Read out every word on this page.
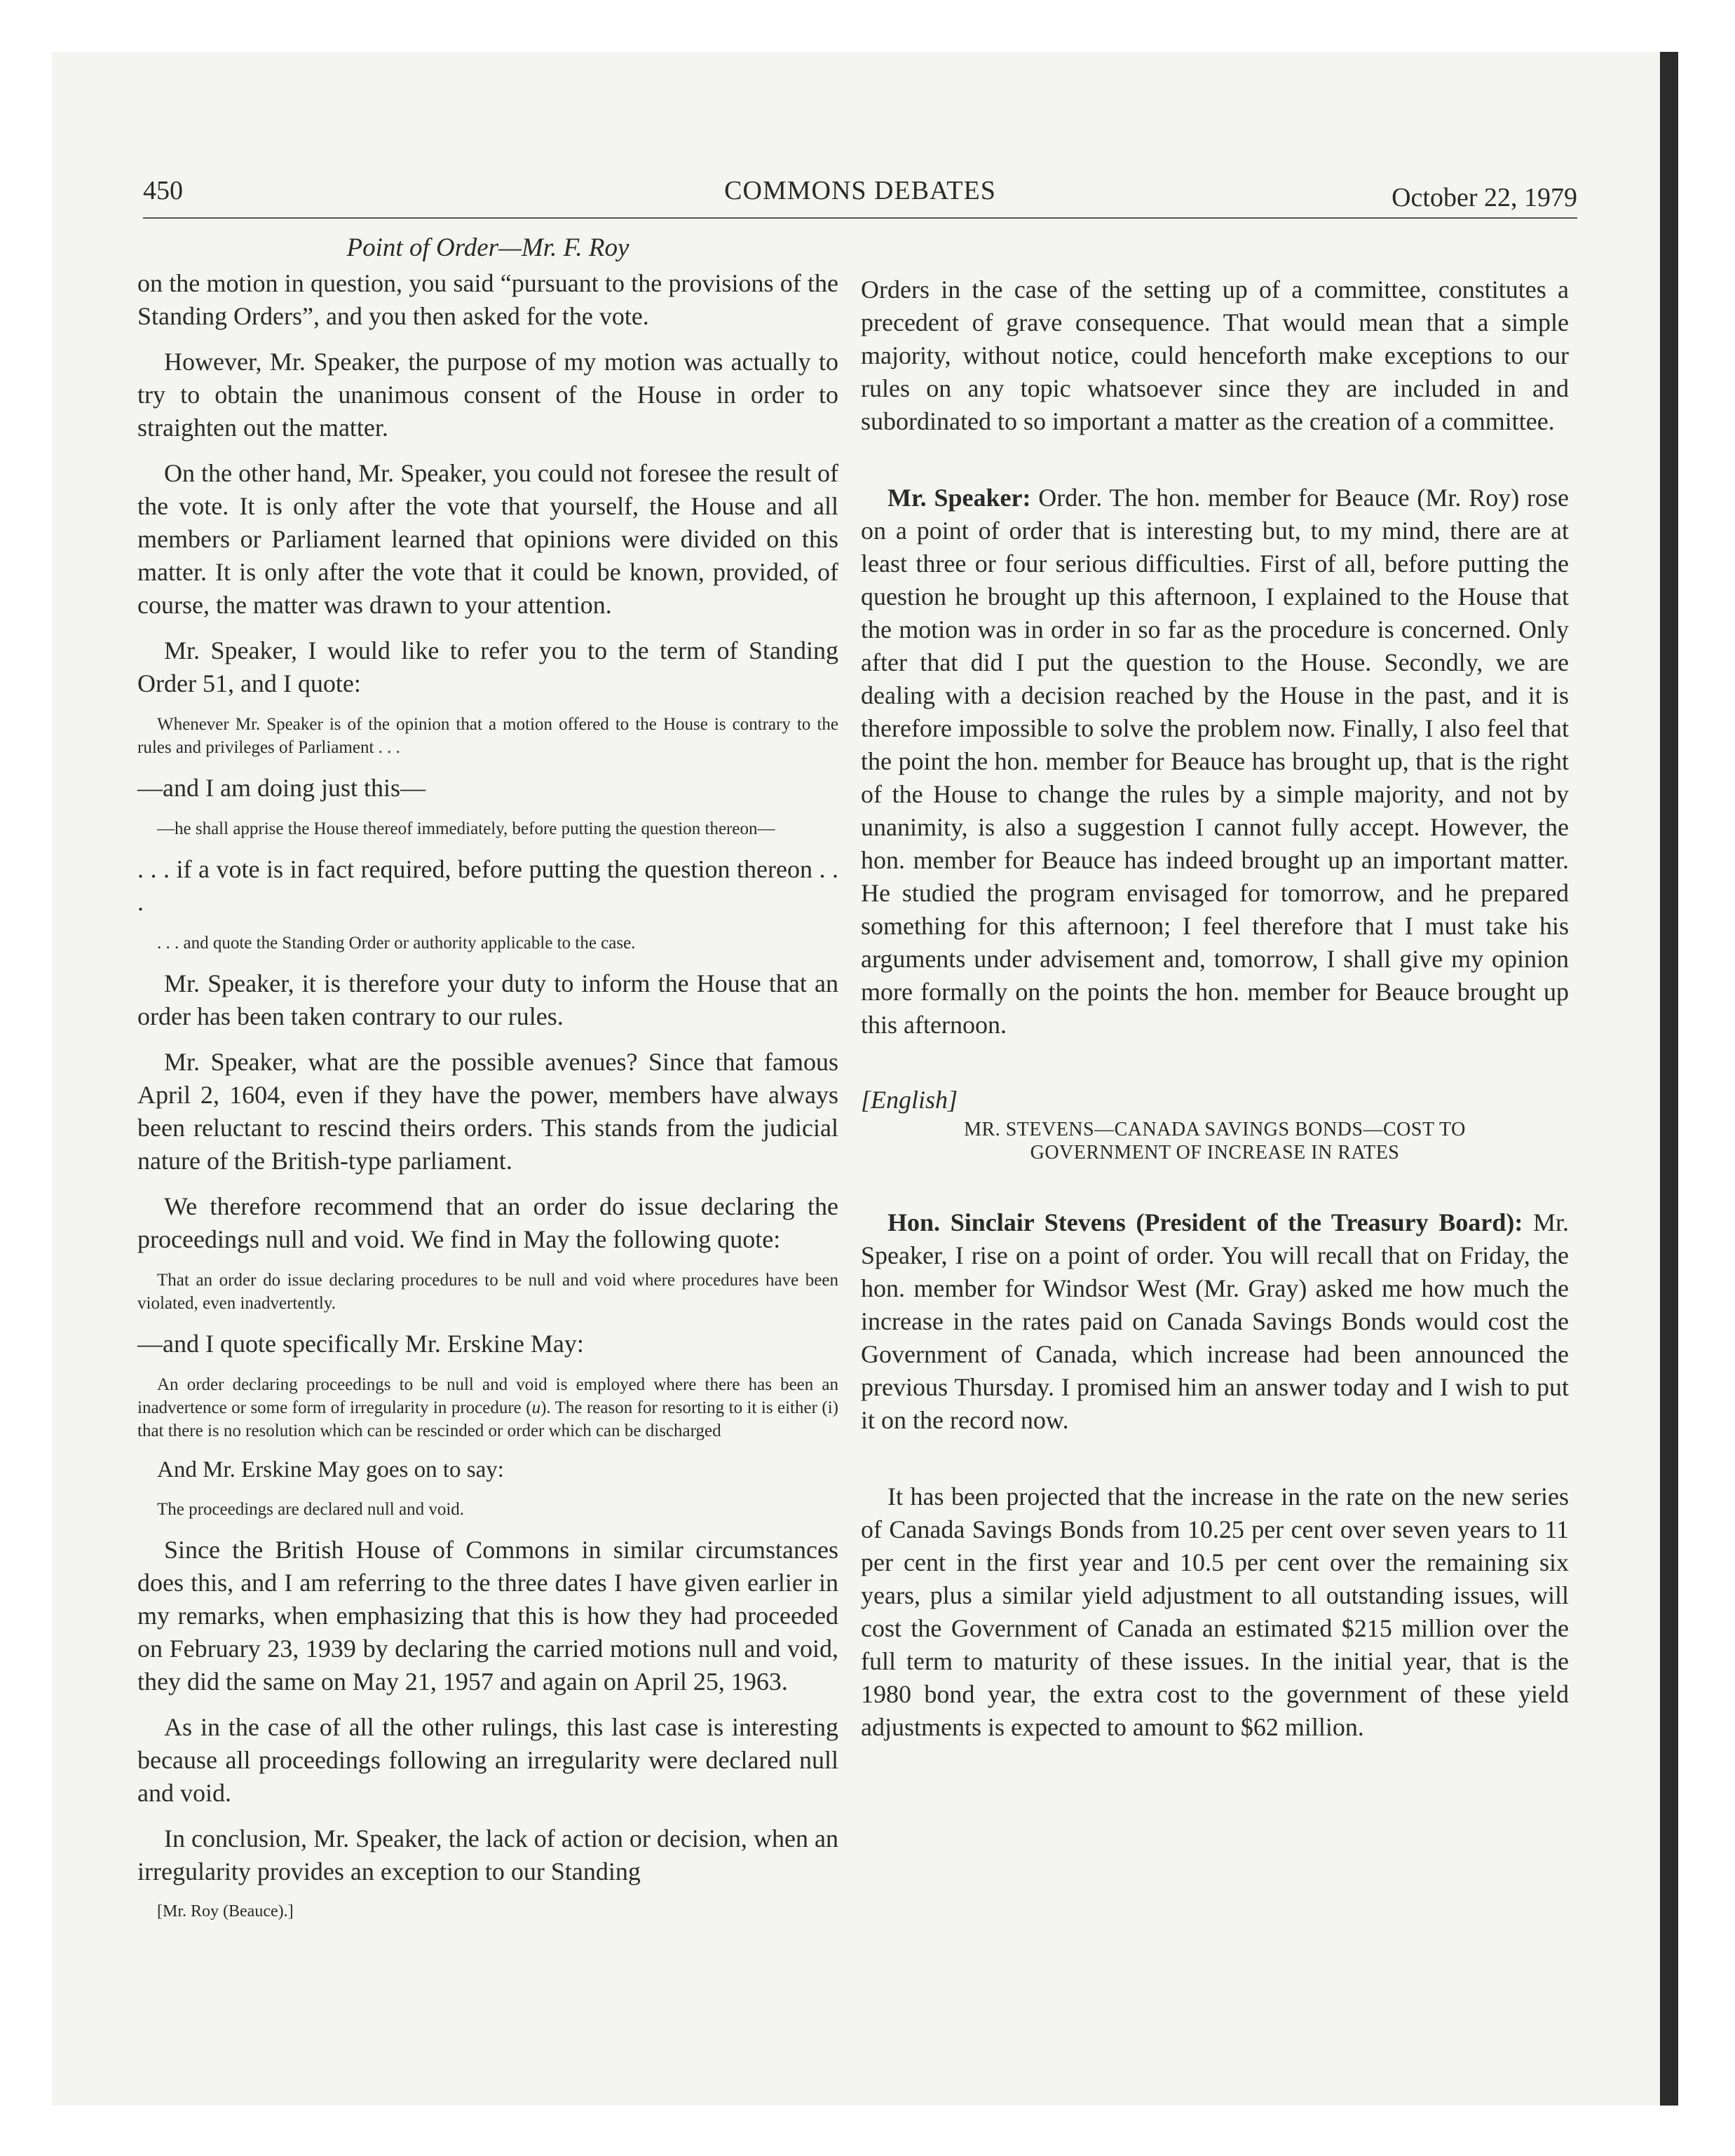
450	COMMONS DEBATES	October 22, 1979

Point of Order—Mr. F. Roy

on the motion in question, you said “pursuant to the provisions of the Standing Orders”, and you then asked for the vote.

However, Mr. Speaker, the purpose of my motion was actually to try to obtain the unanimous consent of the House in order to straighten out the matter.

On the other hand, Mr. Speaker, you could not foresee the result of the vote. It is only after the vote that yourself, the House and all members or Parliament learned that opinions were divided on this matter. It is only after the vote that it could be known, provided, of course, the matter was drawn to your attention.

Mr. Speaker, I would like to refer you to the term of Standing Order 51, and I quote:

Whenever Mr. Speaker is of the opinion that a motion offered to the House is contrary to the rules and privileges of Parliament . . .

—and I am doing just this—

—he shall apprise the House thereof immediately, before putting the question thereon—

. . . if a vote is in fact required, before putting the question thereon . . .

. . . and quote the Standing Order or authority applicable to the case.

Mr. Speaker, it is therefore your duty to inform the House that an order has been taken contrary to our rules.

Mr. Speaker, what are the possible avenues? Since that famous April 2, 1604, even if they have the power, members have always been reluctant to rescind theirs orders. This stands from the judicial nature of the British-type parliament.

We therefore recommend that an order do issue declaring the proceedings null and void. We find in May the following quote:

That an order do issue declaring procedures to be null and void where procedures have been violated, even inadvertently.

—and I quote specifically Mr. Erskine May:

An order declaring proceedings to be null and void is employed where there has been an inadvertence or some form of irregularity in procedure (u). The reason for resorting to it is either (i) that there is no resolution which can be rescinded or order which can be discharged

And Mr. Erskine May goes on to say:

The proceedings are declared null and void.

Since the British House of Commons in similar circumstances does this, and I am referring to the three dates I have given earlier in my remarks, when emphasizing that this is how they had proceeded on February 23, 1939 by declaring the carried motions null and void, they did the same on May 21, 1957 and again on April 25, 1963.

As in the case of all the other rulings, this last case is interesting because all proceedings following an irregularity were declared null and void.

In conclusion, Mr. Speaker, the lack of action or decision, when an irregularity provides an exception to our Standing

[Mr. Roy (Beauce).]

Orders in the case of the setting up of a committee, constitutes a precedent of grave consequence. That would mean that a simple majority, without notice, could henceforth make exceptions to our rules on any topic whatsoever since they are included in and subordinated to so important a matter as the creation of a committee.

Mr. Speaker: Order. The hon. member for Beauce (Mr. Roy) rose on a point of order that is interesting but, to my mind, there are at least three or four serious difficulties. First of all, before putting the question he brought up this afternoon, I explained to the House that the motion was in order in so far as the procedure is concerned. Only after that did I put the question to the House. Secondly, we are dealing with a decision reached by the House in the past, and it is therefore impossible to solve the problem now. Finally, I also feel that the point the hon. member for Beauce has brought up, that is the right of the House to change the rules by a simple majority, and not by unanimity, is also a suggestion I cannot fully accept. However, the hon. member for Beauce has indeed brought up an important matter. He studied the program envisaged for tomorrow, and he prepared something for this afternoon; I feel therefore that I must take his arguments under advisement and, tomorrow, I shall give my opinion more formally on the points the hon. member for Beauce brought up this afternoon.

[English]

MR. STEVENS—CANADA SAVINGS BONDS—COST TO
GOVERNMENT OF INCREASE IN RATES

Hon. Sinclair Stevens (President of the Treasury Board): Mr. Speaker, I rise on a point of order. You will recall that on Friday, the hon. member for Windsor West (Mr. Gray) asked me how much the increase in the rates paid on Canada Savings Bonds would cost the Government of Canada, which increase had been announced the previous Thursday. I promised him an answer today and I wish to put it on the record now.

It has been projected that the increase in the rate on the new series of Canada Savings Bonds from 10.25 per cent over seven years to 11 per cent in the first year and 10.5 per cent over the remaining six years, plus a similar yield adjustment to all outstanding issues, will cost the Government of Canada an estimated $215 million over the full term to maturity of these issues. In the initial year, that is the 1980 bond year, the extra cost to the government of these yield adjustments is expected to amount to $62 million.
